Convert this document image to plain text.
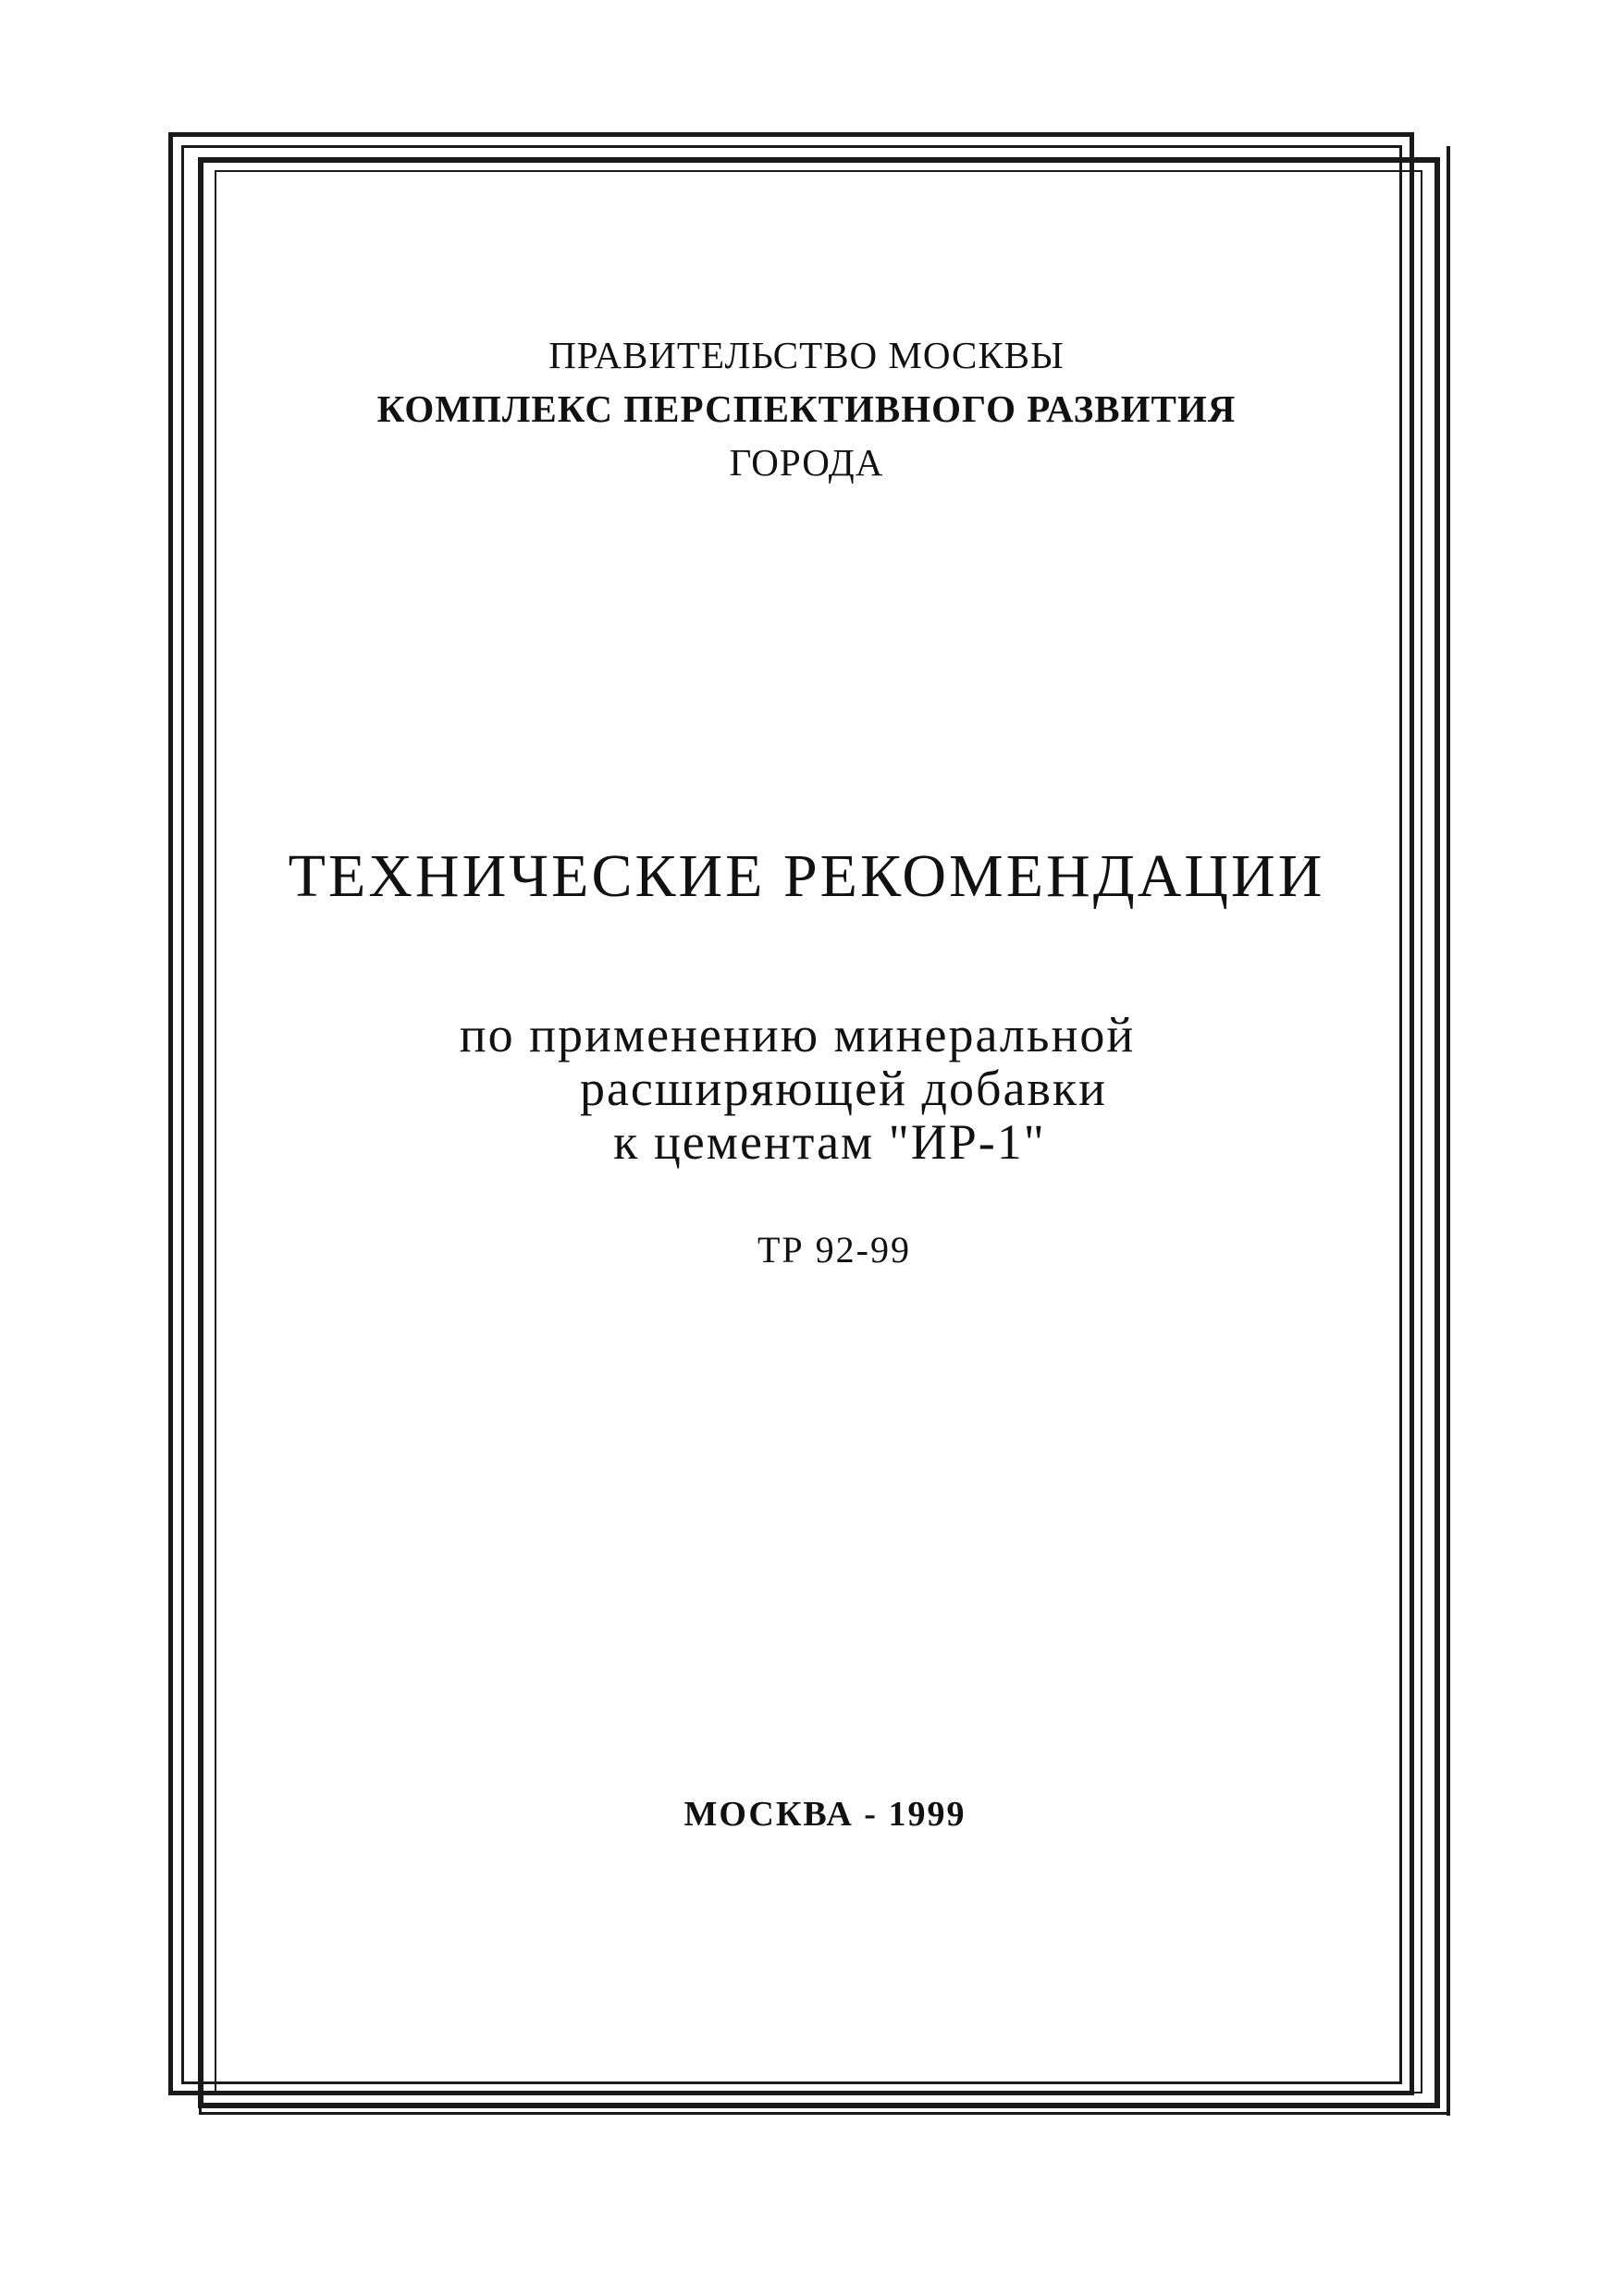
ПРАВИТЕЛЬСТВО МОСКВЫ
КОМПЛЕКС ПЕРСПЕКТИВНОГО РАЗВИТИЯ
ГОРОДА
ТЕХНИЧЕСКИЕ РЕКОМЕНДАЦИИ
по применению минеральной
расширяющей добавки
к цементам "ИР-1"
ТР 92-99
МОСКВА - 1999
